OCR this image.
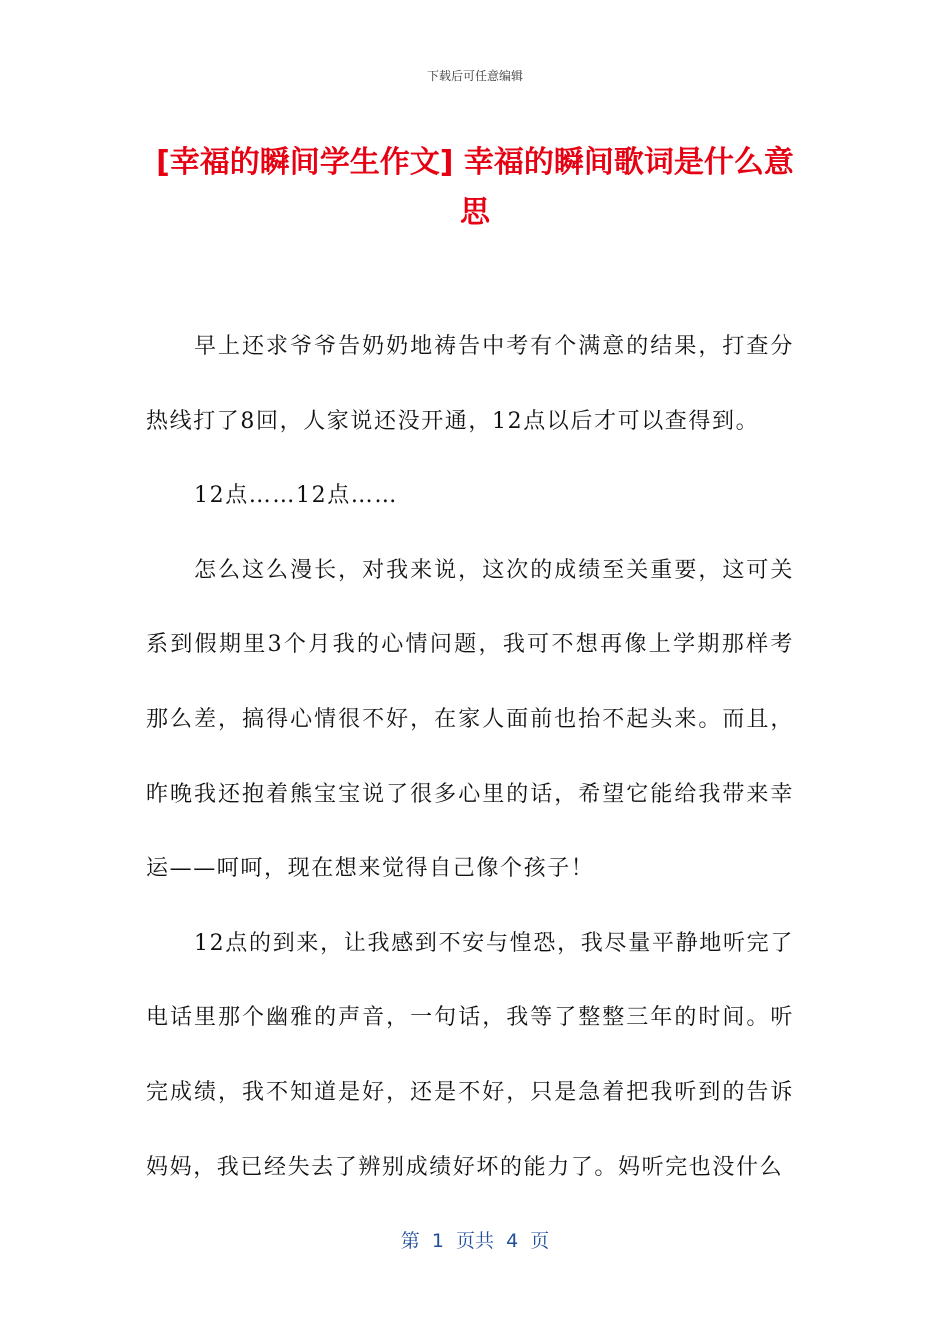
下载后可任意编辑
[幸福的瞬间学生作文] 幸福的瞬间歌词是什么意思

早上还求爷爷告奶奶地祷告中考有个满意的结果，打查分热线打了8回，人家说还没开通，12点以后才可以查得到。

12点……12点……

怎么这么漫长，对我来说，这次的成绩至关重要，这可关系到假期里3个月我的心情问题，我可不想再像上学期那样考那么差，搞得心情很不好，在家人面前也抬不起头来。而且，昨晚我还抱着熊宝宝说了很多心里的话，希望它能给我带来幸运——呵呵，现在想来觉得自己像个孩子！

12点的到来，让我感到不安与惶恐，我尽量平静地听完了电话里那个幽雅的声音，一句话，我等了整整三年的时间。听完成绩，我不知道是好，还是不好，只是急着把我听到的告诉妈妈，我已经失去了辨别成绩好坏的能力了。妈听完也没什么

第  1  页共  4  页
